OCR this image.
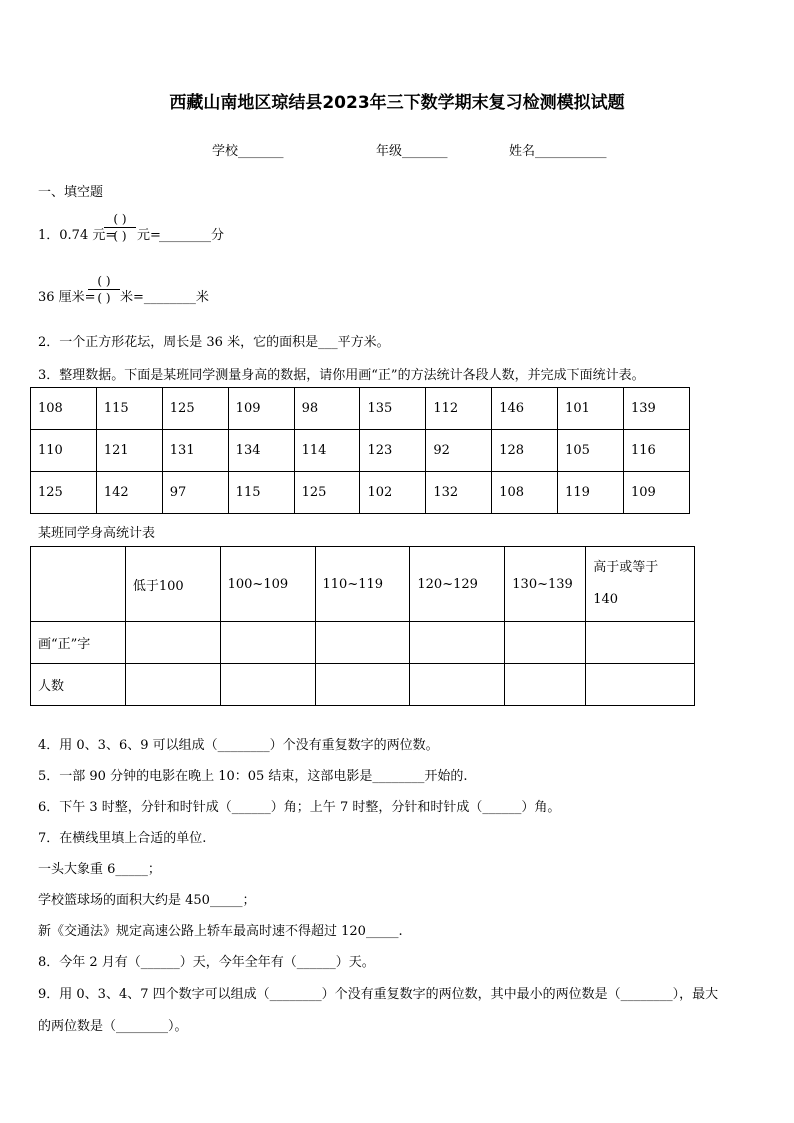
西藏山南地区琼结县2023年三下数学期末复习检测模拟试题
学校_______	年级_______	姓名___________
一、填空题
1．0.74 元=
( )
( ) 元=
________分
36 厘米=
( )
( ) 米=________米
2．一个正方形花坛，周长是 36 米，它的面积是___平方米。
3．整理数据。下面是某班同学测量身高的数据，请你用画“正”的方法统计各段人数，并完成下面统计表。
108	115	125	109	98	135	112	146	101	139
110	121	131	134	114	123	92	128	105	116
125	142	97	115	125	102	132	108	119	109
某班同学身高统计表
	低于100	100~109	110~119	120~129	130~139	高于或等于
140

画“正”字						
人数						
4．用 0、3、6、9 可以组成（________）个没有重复数字的两位数。
5．一部 90 分钟的电影在晚上 10：05 结束，这部电影是________开始的.
6．下午 3 时整，分针和时针成（______）角；上午 7 时整，分针和时针成（______）角。
7．在横线里填上合适的单位.
一头大象重 6_____；
学校篮球场的面积大约是 450_____；
新《交通法》规定高速公路上轿车最高时速不得超过 120_____.
8．今年 2 月有（______）天，今年全年有（______）天。
9．用 0、3、4、7 四个数字可以组成（________）个没有重复数字的两位数，其中最小的两位数是（________），最大
的两位数是（________）。
